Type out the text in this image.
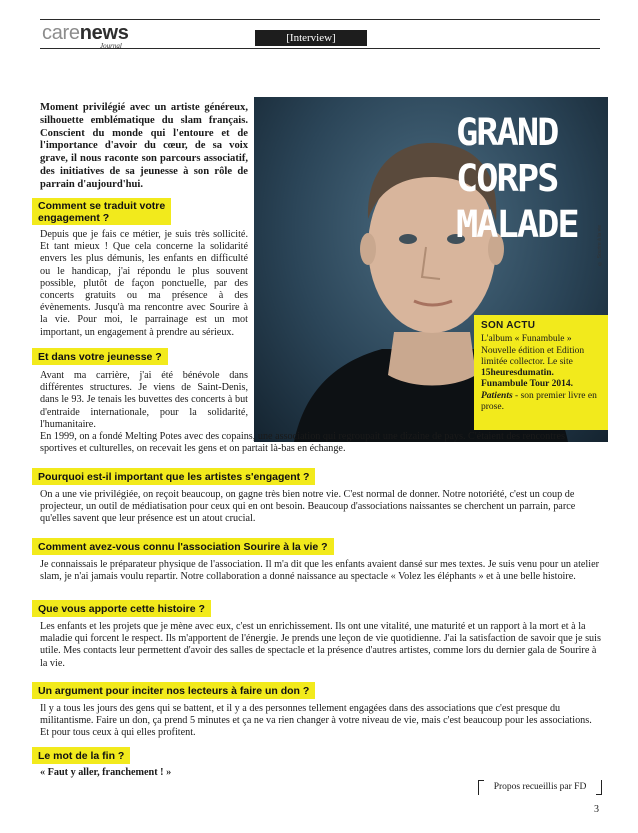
carenews
Journal
[Interview]
© Sourire à la vie
GRAND
CORPS
MALADE
SON ACTU
L'album « Funambule » Nouvelle édition et Edition limitée collector. Le site 15heuresdumatin. Funambule Tour 2014.
Patients - son premier livre en prose.
Moment privilégié avec un artiste généreux, silhouette emblématique du slam français. Conscient du monde qui l'entoure et de l'importance d'avoir du cœur, de sa voix grave, il nous raconte son parcours associatif, des initiatives de sa jeunesse à son rôle de parrain d'aujourd'hui.
Comment se traduit votre
engagement ?
Depuis que je fais ce métier, je suis très sollicité. Et tant mieux ! Que cela concerne la solidarité envers les plus démunis, les enfants en difficulté ou le handicap, j'ai répondu le plus souvent possible, plutôt de façon ponctuelle, par des concerts gratuits ou ma présence à des évènements. Jusqu'à ma rencontre avec Sourire à la vie. Pour moi, le parrainage est un mot important, un engagement à prendre au sérieux.
Et dans votre jeunesse ?
Avant ma carrière, j'ai été bénévole dans différentes structures. Je viens de Saint-Denis, dans le 93. Je tenais les buvettes des concerts à but d'entraide internationale, pour la solidarité, l'humanitaire.
En 1999, on a fondé Melting Potes avec des copains, une association qui regroupait une dizaine de pays. C'étaient des rencontres sportives et culturelles, on recevait les gens et on partait là-bas en échange.
Pourquoi est-il important que les artistes s'engagent ?
On a une vie privilégiée, on reçoit beaucoup, on gagne très bien notre vie. C'est normal de donner. Notre notoriété, c'est un coup de projecteur, un outil de médiatisation pour ceux qui en ont besoin. Beaucoup d'associations naissantes se cherchent un parrain, parce qu'elles savent que leur présence est un atout crucial.
Comment avez-vous connu l'association Sourire à la vie ?
Je connaissais le préparateur physique de l'association. Il m'a dit que les enfants avaient dansé sur mes textes. Je suis venu pour un atelier slam, je n'ai jamais voulu repartir. Notre collaboration a donné naissance au spectacle « Volez les éléphants » et à une belle histoire.
Que vous apporte cette histoire ?
Les enfants et les projets que je mène avec eux, c'est un enrichissement. Ils ont une vitalité, une maturité et un rapport à la mort et à la maladie qui forcent le respect. Ils m'apportent de l'énergie. Je prends une leçon de vie quotidienne. J'ai la satisfaction de savoir que je suis utile. Mes contacts leur permettent d'avoir des salles de spectacle et la présence d'autres artistes, comme lors du dernier gala de Sourire à la vie.
Un argument pour inciter nos lecteurs à faire un don ?
Il y a tous les jours des gens qui se battent, et il y a des personnes tellement engagées dans des associations que c'est presque du militantisme. Faire un don, ça prend 5 minutes et ça ne va rien changer à votre niveau de vie, mais c'est beaucoup pour les associations. Et pour tous ceux à qui elles profitent.
Le mot de la fin ?
« Faut y aller, franchement ! »
Propos recueillis par FD
3
